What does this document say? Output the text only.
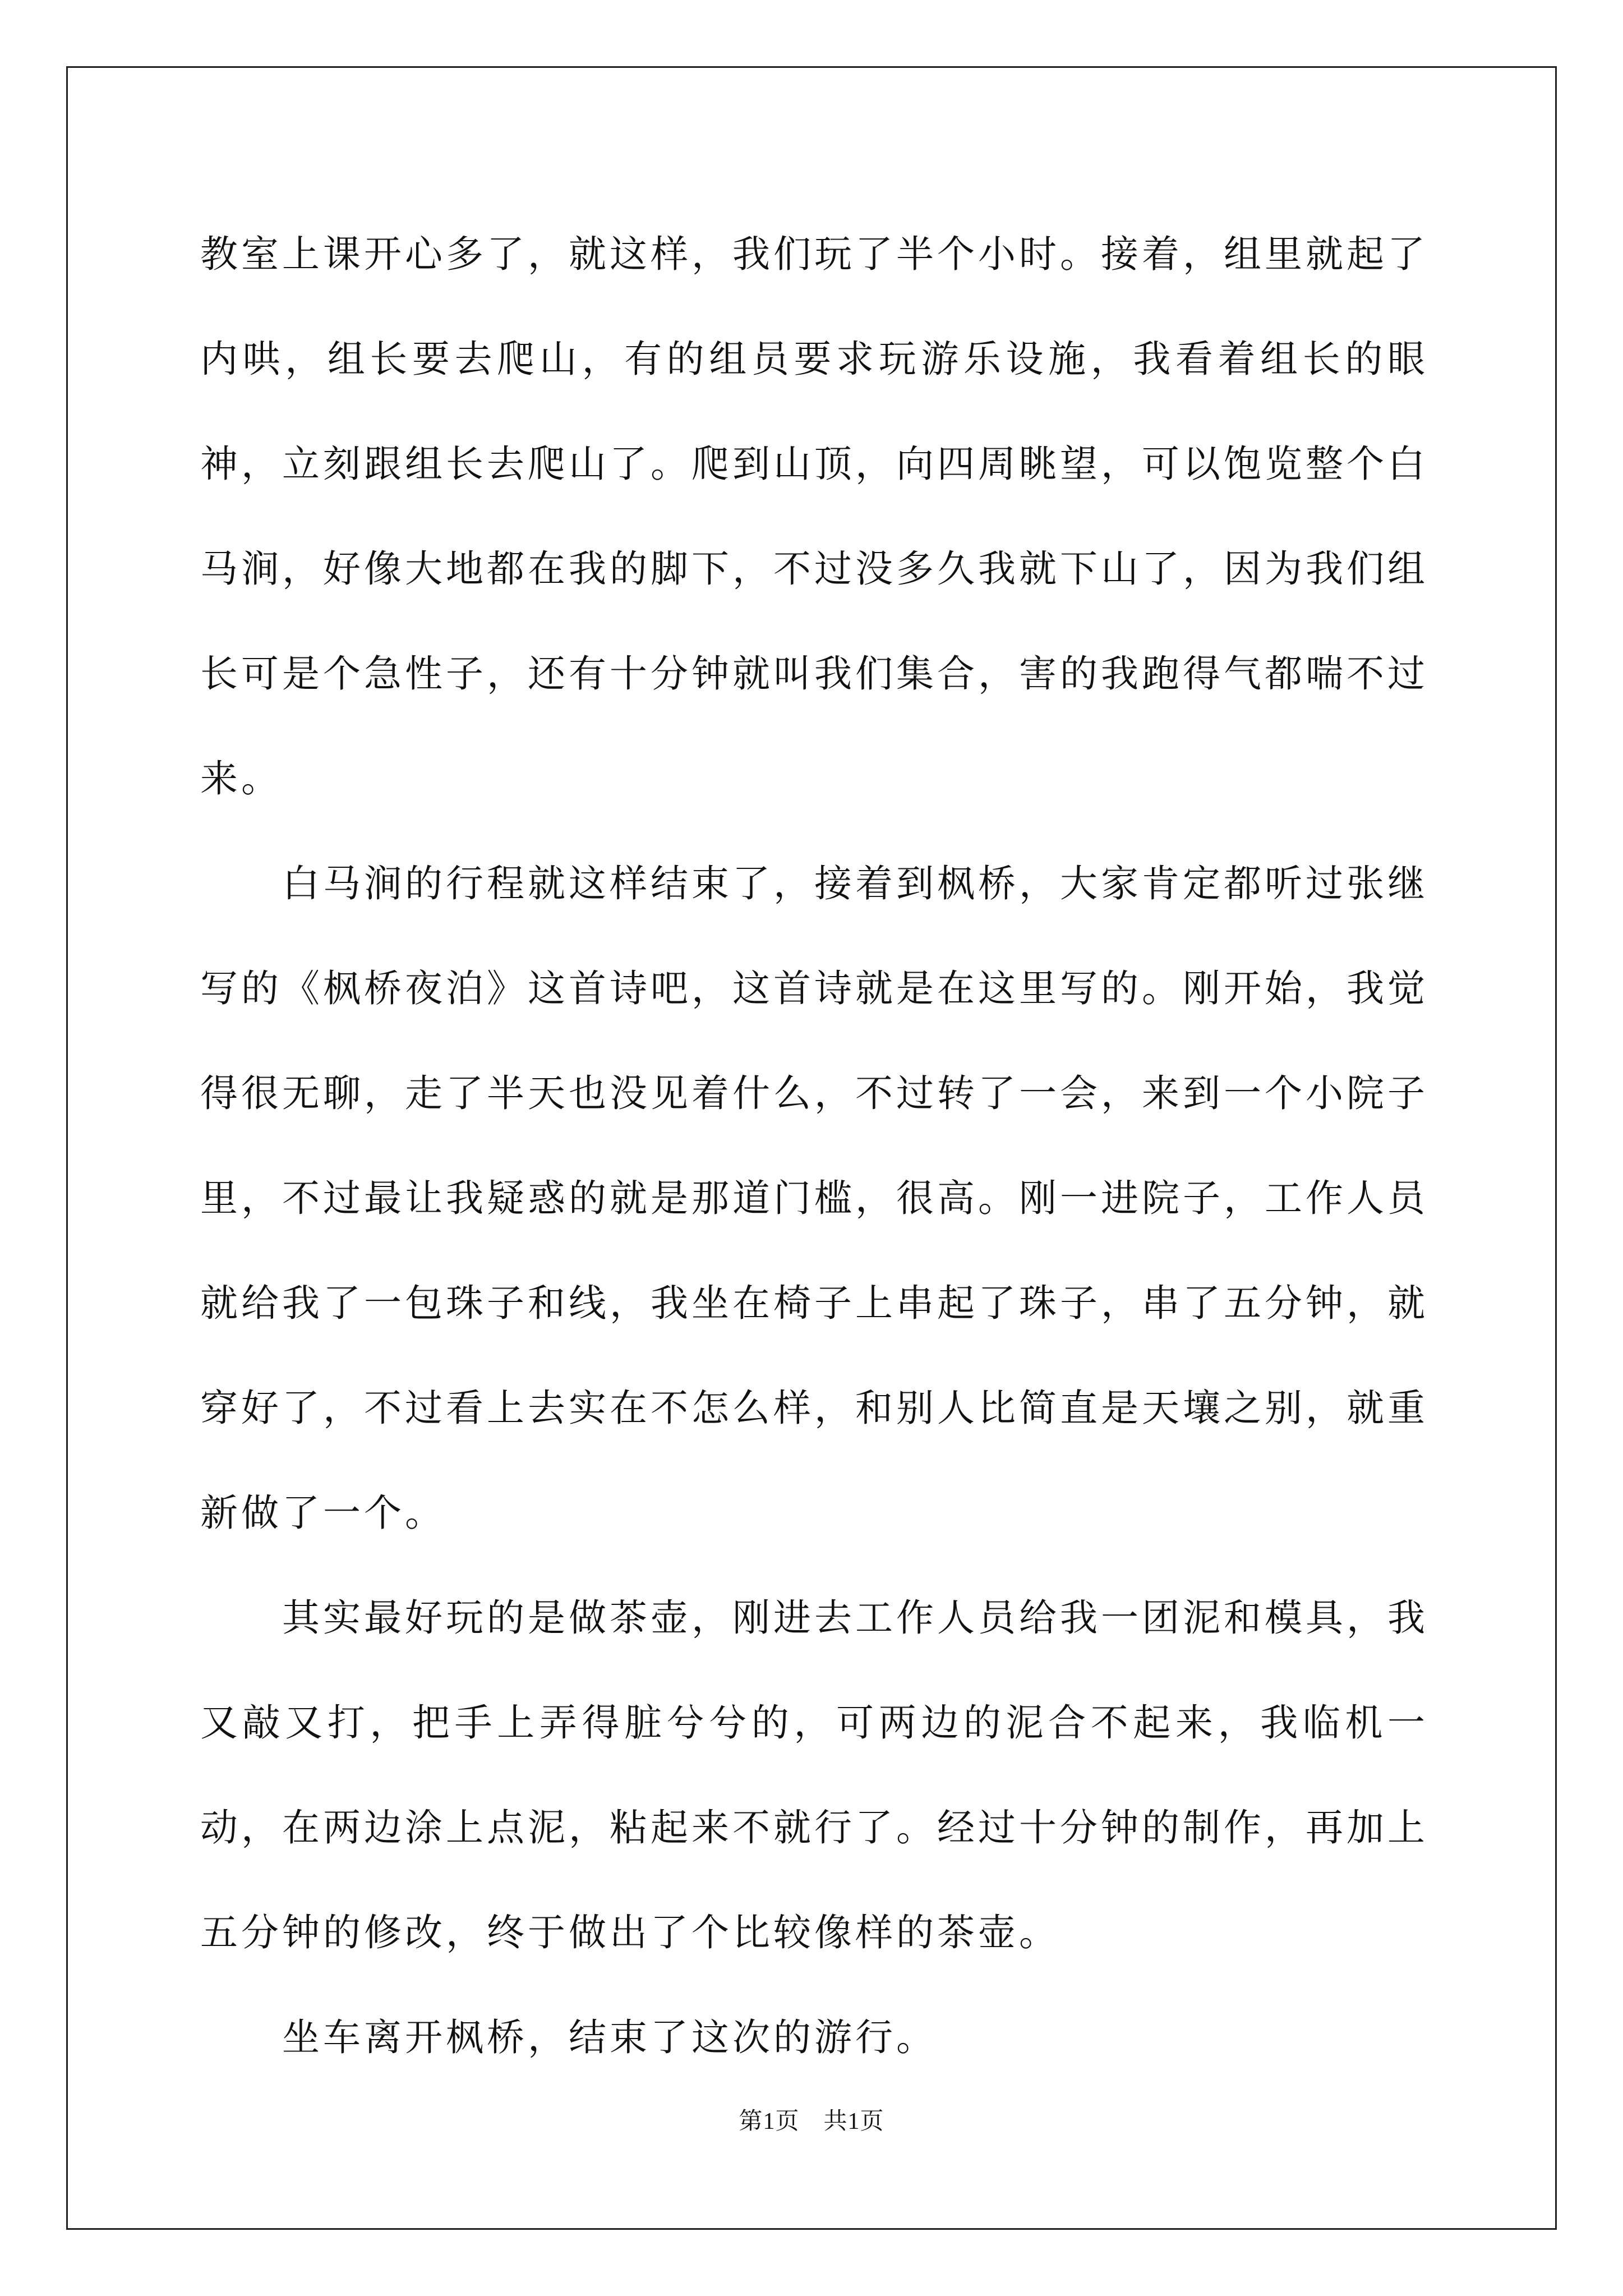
教室上课开心多了，就这样，我们玩了半个小时。接着，组里就起了内哄，组长要去爬山，有的组员要求玩游乐设施，我看着组长的眼神，立刻跟组长去爬山了。爬到山顶，向四周眺望，可以饱览整个白马涧，好像大地都在我的脚下，不过没多久我就下山了，因为我们组长可是个急性子，还有十分钟就叫我们集合，害的我跑得气都喘不过来。

白马涧的行程就这样结束了，接着到枫桥，大家肯定都听过张继写的《枫桥夜泊》这首诗吧，这首诗就是在这里写的。刚开始，我觉得很无聊，走了半天也没见着什么，不过转了一会，来到一个小院子里，不过最让我疑惑的就是那道门槛，很高。刚一进院子，工作人员就给我了一包珠子和线，我坐在椅子上串起了珠子，串了五分钟，就穿好了，不过看上去实在不怎么样，和别人比简直是天壤之别，就重新做了一个。

其实最好玩的是做茶壶，刚进去工作人员给我一团泥和模具，我又敲又打，把手上弄得脏兮兮的，可两边的泥合不起来，我临机一动，在两边涂上点泥，粘起来不就行了。经过十分钟的制作，再加上五分钟的修改，终于做出了个比较像样的茶壶。

坐车离开枫桥，结束了这次的游行。

第1页　共1页
